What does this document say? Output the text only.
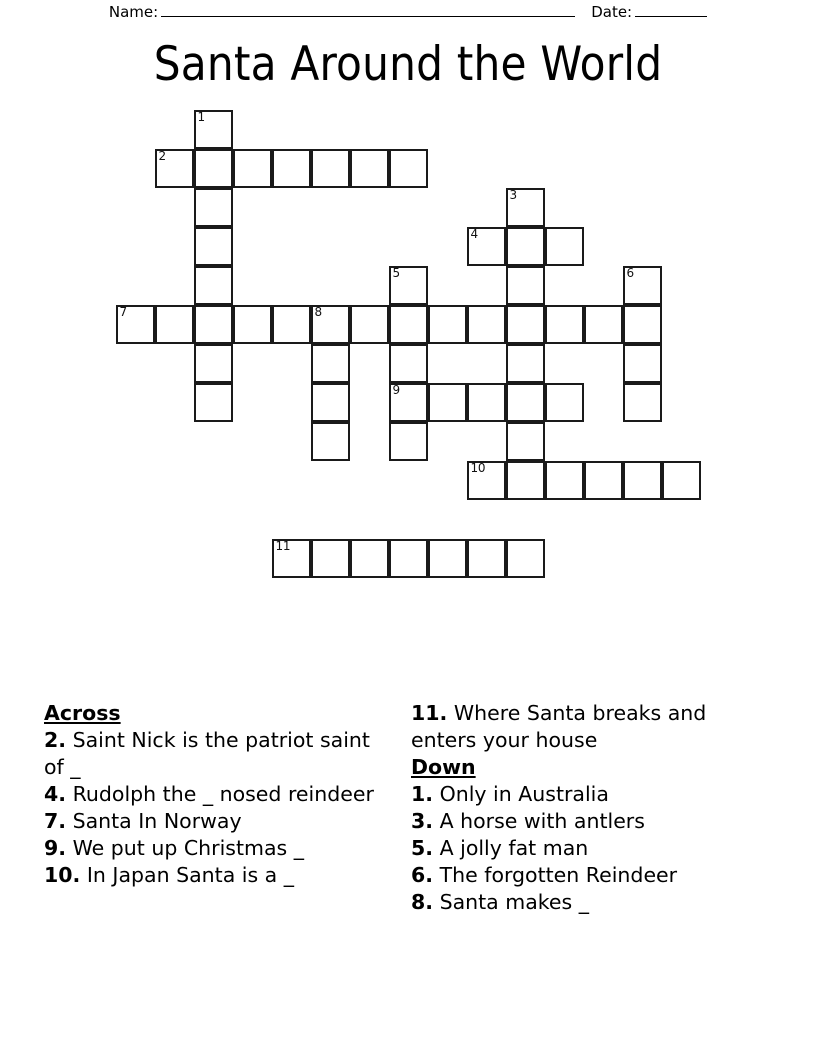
Name:	Date:
Santa Around the World
1
2
3
4
5	6
7	8
9
10
11

Across

2. Saint Nick is the patriot saint of _

4. Rudolph the _ nosed reindeer

7. Santa In Norway

9. We put up Christmas _

10. In Japan Santa is a _

11. Where Santa breaks and enters your house

Down

1. Only in Australia

3. A horse with antlers

5. A jolly fat man

6. The forgotten Reindeer

8. Santa makes _
